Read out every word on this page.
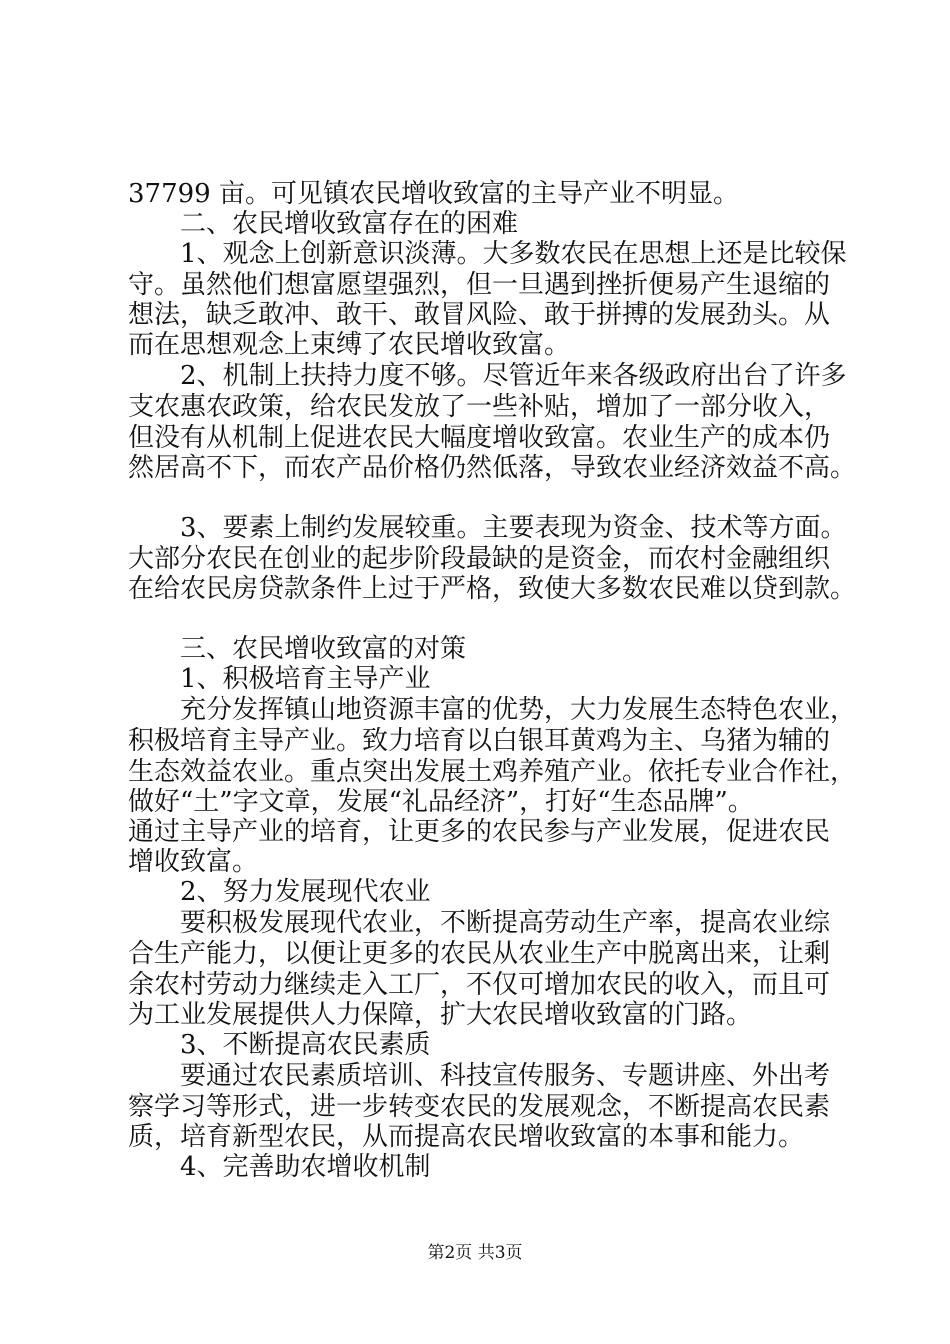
37799 亩。可见镇农民增收致富的主导产业不明显。
二、农民增收致富存在的困难
1、观念上创新意识淡薄。大多数农民在思想上还是比较保
守。虽然他们想富愿望强烈，但一旦遇到挫折便易产生退缩的
想法，缺乏敢冲、敢干、敢冒风险、敢于拼搏的发展劲头。从
而在思想观念上束缚了农民增收致富。
2、机制上扶持力度不够。尽管近年来各级政府出台了许多
支农惠农政策，给农民发放了一些补贴，增加了一部分收入，
但没有从机制上促进农民大幅度增收致富。农业生产的成本仍
然居高不下，而农产品价格仍然低落，导致农业经济效益不高。
3、要素上制约发展较重。主要表现为资金、技术等方面。
大部分农民在创业的起步阶段最缺的是资金，而农村金融组织
在给农民房贷款条件上过于严格，致使大多数农民难以贷到款。
三、农民增收致富的对策
1、积极培育主导产业
充分发挥镇山地资源丰富的优势，大力发展生态特色农业，
积极培育主导产业。致力培育以白银耳黄鸡为主、乌猪为辅的
生态效益农业。重点突出发展土鸡养殖产业。依托专业合作社，
做好“土”字文章，发展“礼品经济”，打好“生态品牌”。
通过主导产业的培育，让更多的农民参与产业发展，促进农民
增收致富。
2、努力发展现代农业
要积极发展现代农业，不断提高劳动生产率，提高农业综
合生产能力，以便让更多的农民从农业生产中脱离出来，让剩
余农村劳动力继续走入工厂，不仅可增加农民的收入，而且可
为工业发展提供人力保障，扩大农民增收致富的门路。
3、不断提高农民素质
要通过农民素质培训、科技宣传服务、专题讲座、外出考
察学习等形式，进一步转变农民的发展观念，不断提高农民素
质，培育新型农民，从而提高农民增收致富的本事和能力。
4、完善助农增收机制
第2页 共3页
